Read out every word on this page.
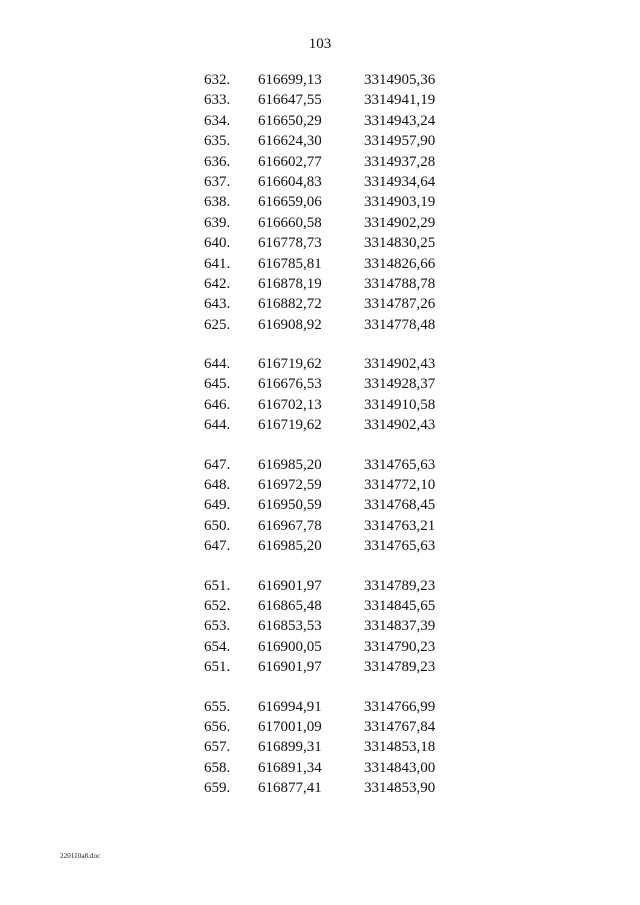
103
632. 616699,13	3314905,36
633. 616647,55	3314941,19
634. 616650,29	3314943,24
635. 616624,30	3314957,90
636. 616602,77	3314937,28
637. 616604,83	3314934,64
638. 616659,06	3314903,19
639. 616660,58	3314902,29
640. 616778,73	3314830,25
641. 616785,81	3314826,66
642. 616878,19	3314788,78
643. 616882,72	3314787,26
625. 616908,92	3314778,48
644. 616719,62	3314902,43
645. 616676,53	3314928,37
646. 616702,13	3314910,58
644. 616719,62	3314902,43
647. 616985,20	3314765,63
648. 616972,59	3314772,10
649. 616950,59	3314768,45
650. 616967,78	3314763,21
647. 616985,20	3314765,63
651. 616901,97	3314789,23
652. 616865,48	3314845,65
653. 616853,53	3314837,39
654. 616900,05	3314790,23
651. 616901,97	3314789,23
655. 616994,91	3314766,99
656. 617001,09	3314767,84
657. 616899,31	3314853,18
658. 616891,34	3314843,00
659. 616877,41	3314853,90
220110a8.doc
